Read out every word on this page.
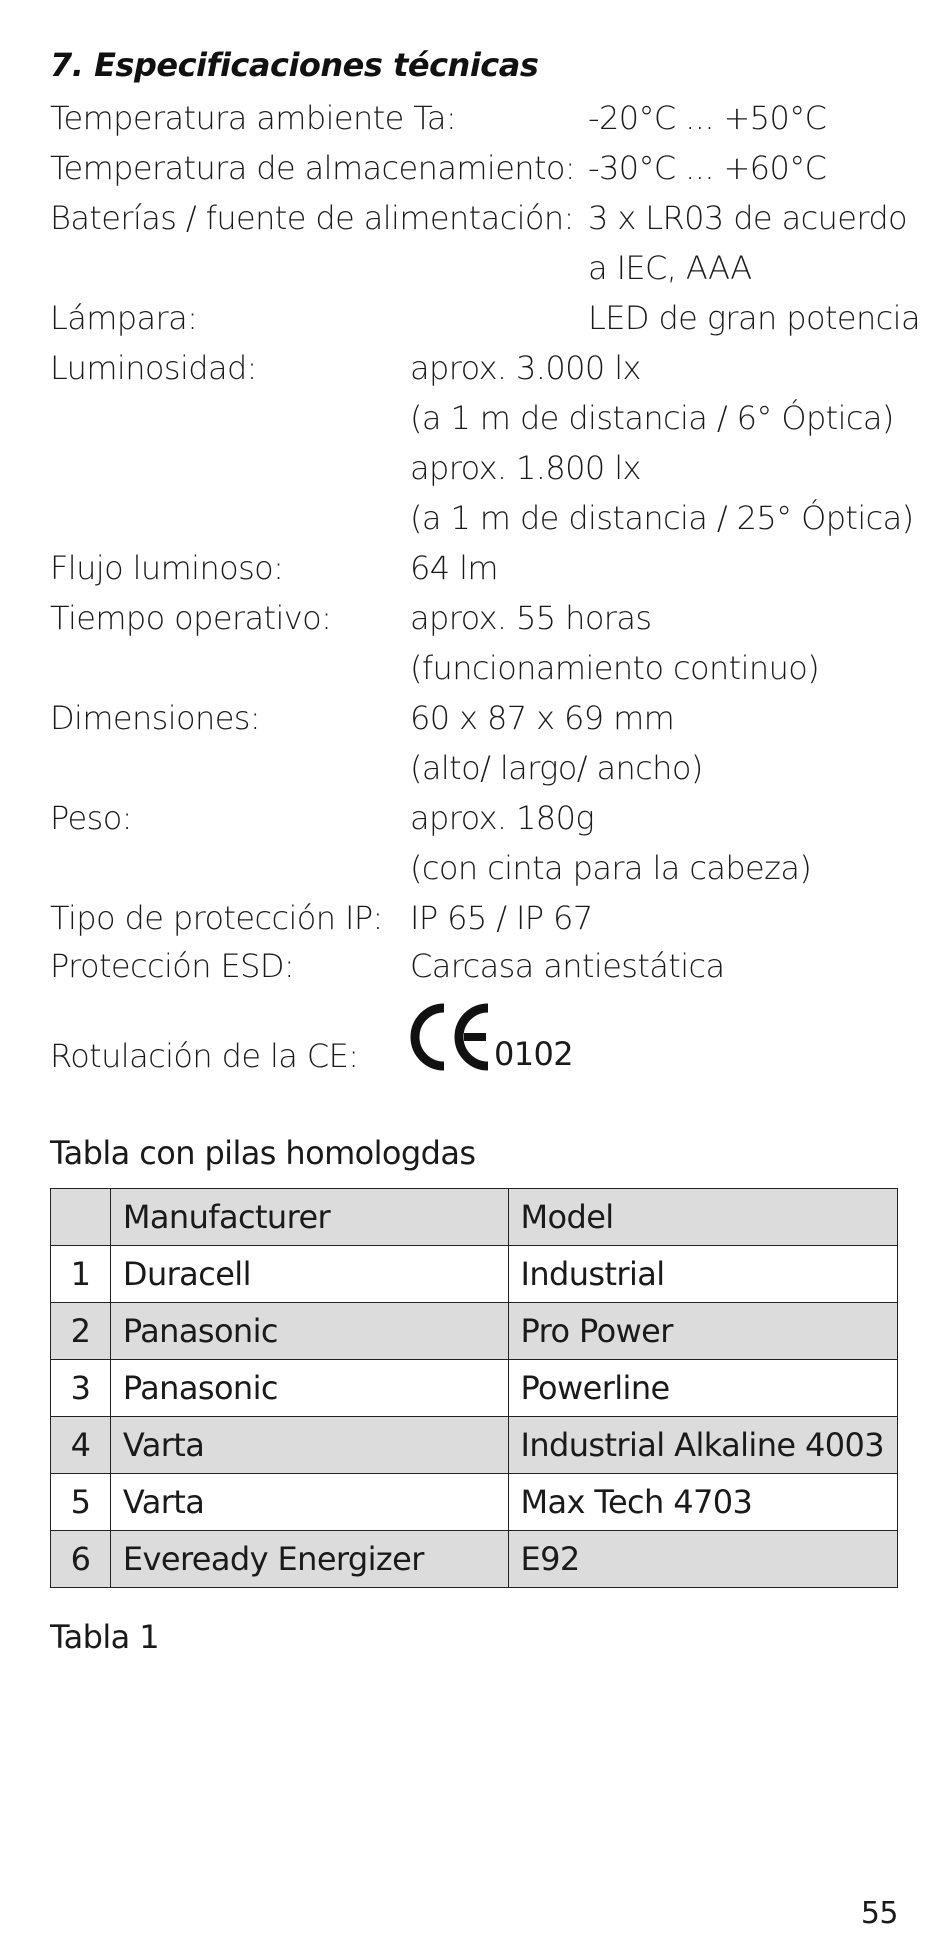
7. Especificaciones técnicas
Temperatura ambiente Ta:	-20°C ... +50°C
Temperatura de almacenamiento: -30°C ... +60°C
Baterías / fuente de alimentación: 3 x LR03 de acuerdo
a IEC, AAA
Lámpara:	LED de gran potencia
Luminosidad:	aprox. 3.000 lx
(a 1 m de distancia / 6° Óptica)
aprox. 1.800 lx
(a 1 m de distancia / 25° Óptica)
Flujo luminoso:	64 lm
Tiempo operativo: aprox. 55 horas
(funcionamiento continuo)
Dimensiones:	60 x 87 x 69 mm
(alto/ largo/ ancho)
Peso:	aprox. 180g
(con cinta para la cabeza)
Tipo de protección IP: IP 65 / IP 67
Protección ESD:	Carcasa antiestática
Rotulación de la CE:	0102
Tabla con pilas homologdas
	Manufacturer	Model
1	Duracell	Industrial
2	Panasonic	Pro Power
3	Panasonic	Powerline
4	Varta	Industrial Alkaline 4003
5	Varta	Max Tech 4703
6	Eveready Energizer	E92
Tabla 1
55
